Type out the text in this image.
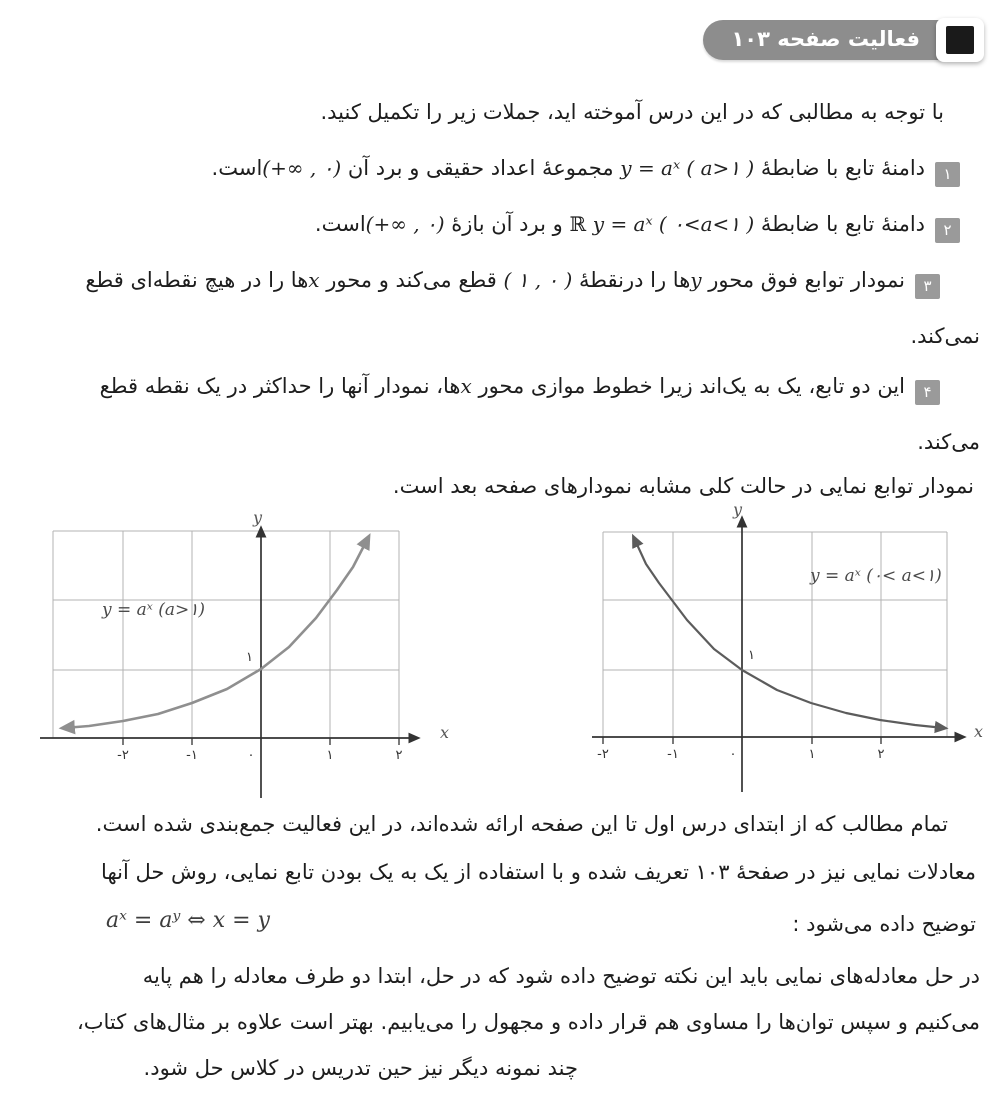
فعالیت صفحه ۱۰۳
با توجه به مطالبی که در این درس آموخته اید، جملات زیر را تکمیل کنید.
۱دامنهٔ تابع با ضابطهٔ y = aˣ ( a>۱ ) مجموعهٔ اعداد حقیقی و برد آن (+∞ , ۰)است.
۲دامنهٔ تابع با ضابطهٔ y = aˣ ( ۰<a<۱ ) ℝ و برد آن بازهٔ (+∞ , ۰)است.
۳نمودار توابع فوق محور yها را درنقطهٔ ( ۱ , ۰ ) قطع می‌کند و محور xها را در هیچ نقطه‌ای قطع
نمی‌کند.
۴این دو تابع، یک به یک‌اند زیرا خطوط موازی محور xها، نمودار آنها را حداکثر در یک نقطه قطع
می‌کند.
نمودار توابع نمایی در حالت کلی مشابه نمودارهای صفحه بعد است.
y
x
y = aˣ (a>۱)
۱
-۲	-۱	۰	۱	۲
y
x
y = aˣ (۰< a<۱)
۱
-۲	-۱	۰	۱	۲
تمام مطالب که از ابتدای درس اول تا این صفحه ارائه شده‌اند، در این فعالیت جمع‌بندی شده است.
معادلات نمایی نیز در صفحهٔ ۱۰۳ تعریف شده و با استفاده از یک به یک بودن تابع نمایی، روش حل آنها
توضیح داده می‌شود :
aˣ = aʸ ⇔ x = y
در حل معادله‌های نمایی باید این نکته توضیح داده شود که در حل، ابتدا دو طرف معادله را هم پایه
می‌کنیم و سپس توان‌ها را مساوی هم قرار داده و مجهول را می‌یابیم. بهتر است علاوه بر مثال‌های کتاب،
چند نمونه دیگر نیز حین تدریس در کلاس حل شود.
